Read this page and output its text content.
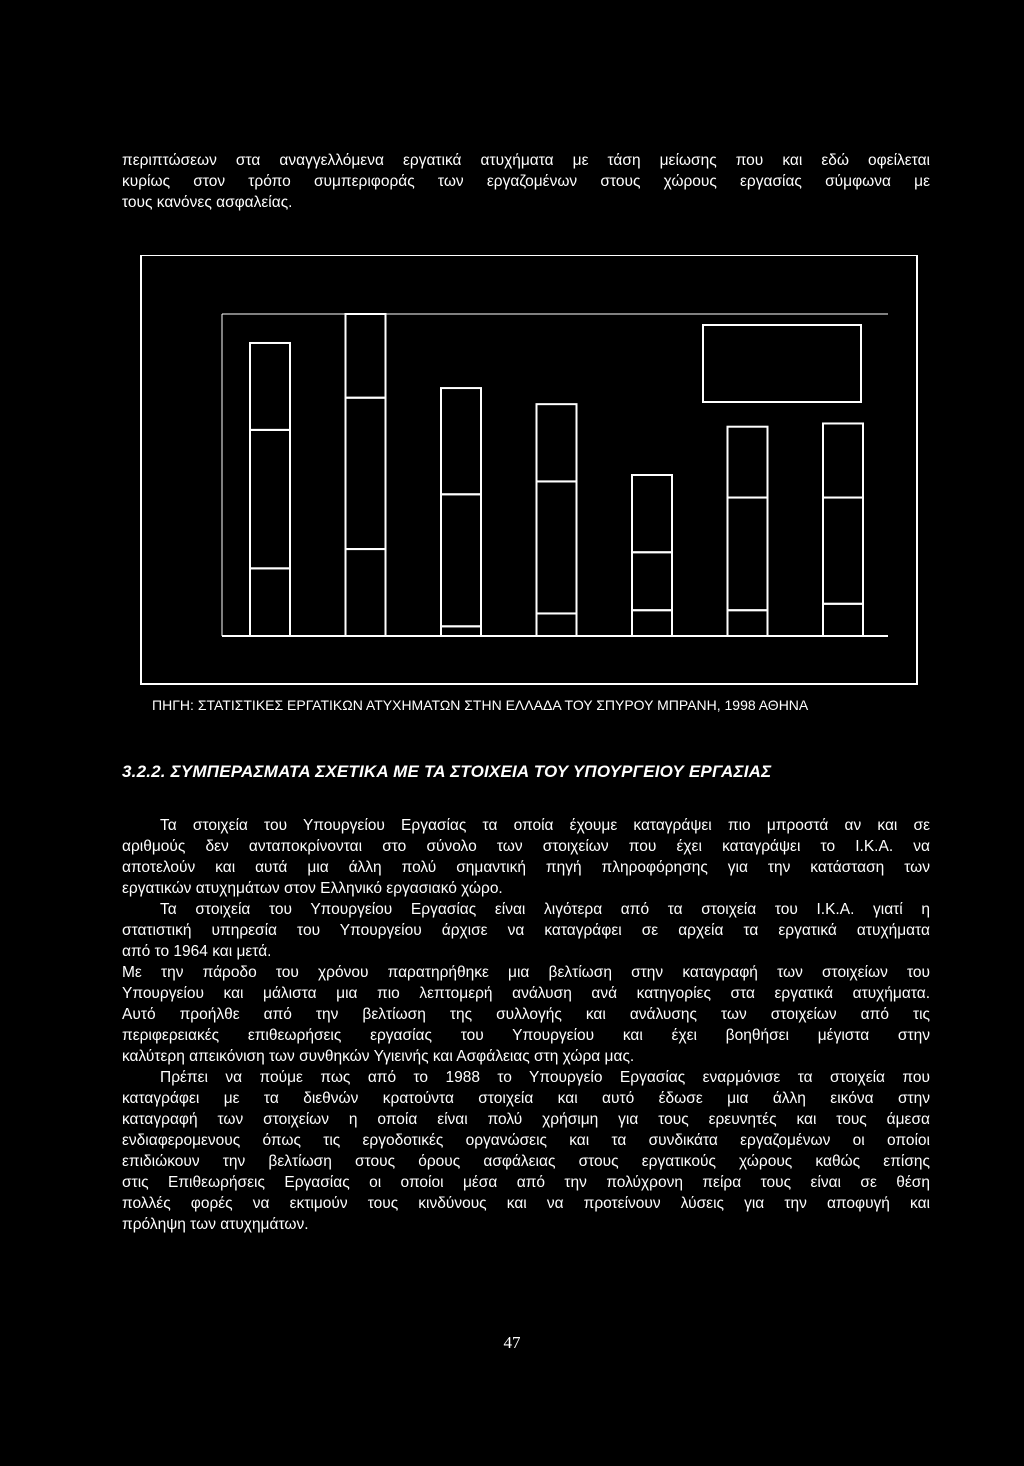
περιπτώσεων στα αναγγελλόμενα εργατικά ατυχήματα με τάση μείωσης που και εδώ οφείλεται
κυρίως στον τρόπο συμπεριφοράς των εργαζομένων στους χώρους εργασίας σύμφωνα με
τους κανόνες ασφαλείας.
ΠΗΓΗ: ΣΤΑΤΙΣΤΙΚΕΣ ΕΡΓΑΤΙΚΩΝ ΑΤΥΧΗΜΑΤΩΝ ΣΤΗΝ ΕΛΛΑΔΑ ΤΟΥ ΣΠΥΡΟΥ ΜΠΡΑΝΗ, 1998 ΑΘΗΝΑ
3.2.2. ΣΥΜΠΕΡΑΣΜΑΤΑ ΣΧΕΤΙΚΑ ΜΕ ΤΑ ΣΤΟΙΧΕΙΑ ΤΟΥ ΥΠΟΥΡΓΕΙΟΥ ΕΡΓΑΣΙΑΣ
Τα στοιχεία του Υπουργείου Εργασίας τα οποία έχουμε καταγράψει πιο μπροστά αν και σε
αριθμούς δεν ανταποκρίνονται στο σύνολο των στοιχείων που έχει καταγράψει το Ι.Κ.Α. να
αποτελούν και αυτά μια άλλη πολύ σημαντική πηγή πληροφόρησης για την κατάσταση των
εργατικών ατυχημάτων στον Ελληνικό εργασιακό χώρο.
Τα στοιχεία του Υπουργείου Εργασίας είναι λιγότερα από τα στοιχεία του Ι.Κ.Α. γιατί η
στατιστική υπηρεσία του Υπουργείου άρχισε να καταγράφει σε αρχεία τα εργατικά ατυχήματα
από το 1964 και μετά.
Με την πάροδο του χρόνου παρατηρήθηκε μια βελτίωση στην καταγραφή των στοιχείων του
Υπουργείου και μάλιστα μια πιο λεπτομερή ανάλυση ανά κατηγορίες στα εργατικά ατυχήματα.
Αυτό προήλθε από την βελτίωση της συλλογής και ανάλυσης των στοιχείων από τις
περιφερειακές επιθεωρήσεις εργασίας του Υπουργείου και έχει βοηθήσει μέγιστα στην
καλύτερη απεικόνιση των συνθηκών Υγιεινής και Ασφάλειας στη χώρα μας.
Πρέπει να πούμε πως από το 1988 το Υπουργείο Εργασίας εναρμόνισε τα στοιχεία που
καταγράφει με τα διεθνών κρατούντα στοιχεία και αυτό έδωσε μια άλλη εικόνα στην
καταγραφή των στοιχείων η οποία είναι πολύ χρήσιμη για τους ερευνητές και τους άμεσα
ενδιαφερομενους όπως τις εργοδοτικές οργανώσεις και τα συνδικάτα εργαζομένων οι οποίοι
επιδιώκουν την βελτίωση στους όρους ασφάλειας στους εργατικούς χώρους καθώς επίσης
στις Επιθεωρήσεις Εργασίας οι οποίοι μέσα από την πολύχρονη πείρα τους είναι σε θέση
πολλές φορές να εκτιμούν τους κινδύνους και να προτείνουν λύσεις για την αποφυγή και
πρόληψη των ατυχημάτων.
47
